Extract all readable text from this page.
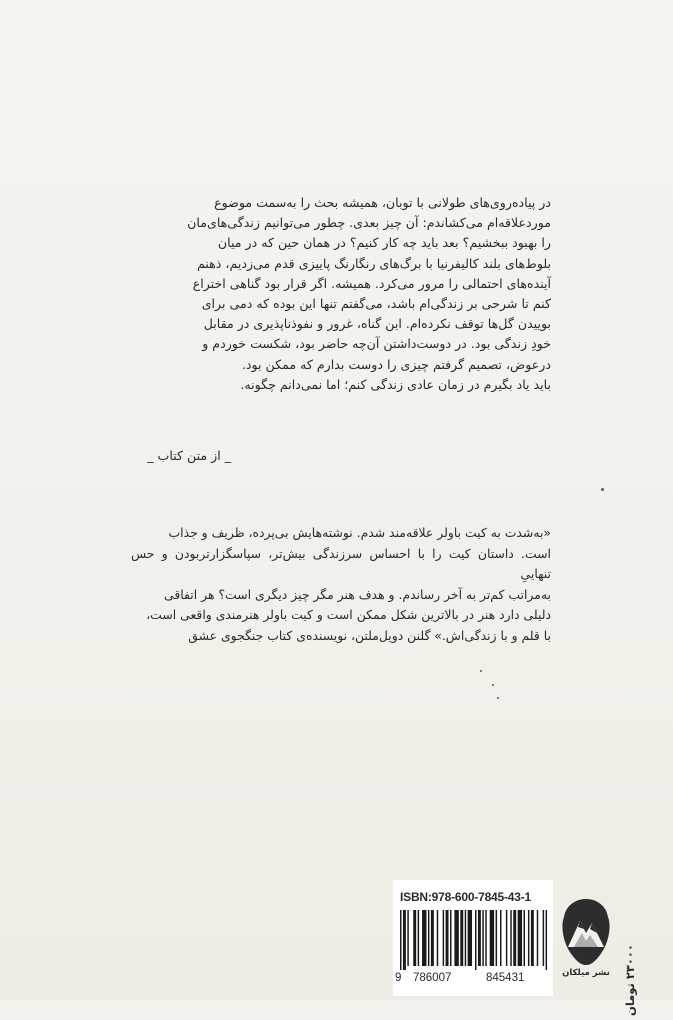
در پیاده‌روی‌های طولانی با توبان، همیشه بحث را به‌سمت موضوع

موردعلاقه‌ام می‌کشاندم: آن چیز بعدی. چطور می‌توانیم زندگی‌های‌مان

را بهبود ببخشیم؟ بعد باید چه کار کنیم؟ در همان حین که در میان

بلوط‌های بلند کالیفرنیا با برگ‌های رنگارنگ پاییزی قدم می‌زدیم، ذهنم

آینده‌های احتمالی را مرور می‌کرد. همیشه. اگر قرار بود گناهی اختراع

کنم تا شرحی بر زندگی‌ام باشد، می‌گفتم تنها این بوده که دمی برای

بوییدن گل‌ها توقف نکرده‌ام. این گناه، غرور و نفوذناپذیری در مقابل

خودِ زندگی بود. در دوست‌داشتن آن‌چه حاضر بود، شکست خوردم و

درعوض، تصمیم گرفتم چیزی را دوست بدارم که ممکن بود.

باید یاد بگیرم در زمان عادی زندگی کنم؛ اما نمی‌دانم چگونه.

_ از متن کتاب _

«به‌شدت به کیت باولر علاقه‌مند شدم. نوشته‌هایش بی‌پرده، ظریف و جذاب

است. داستان کیت را با احساس سرزندگی بیش‌تر، سپاسگزارتربودن و حس تنهاییِ

به‌مراتب کم‌تر به آخر رساندم. و هدف هنر مگر چیز دیگری است؟ هر اتفاقی

دلیلی دارد هنر در بالاترین شکل ممکن است و کیت باولر هنرمندی واقعی است،

با قلم و با زندگی‌اش.» گلنن دویل‌ملتن، نویسنده‌ی کتاب جنگجوی عشق

ISBN:978-600-7845-43-1
9 786007	845431	نشر میلکان
۲۳۰۰۰ تومان
